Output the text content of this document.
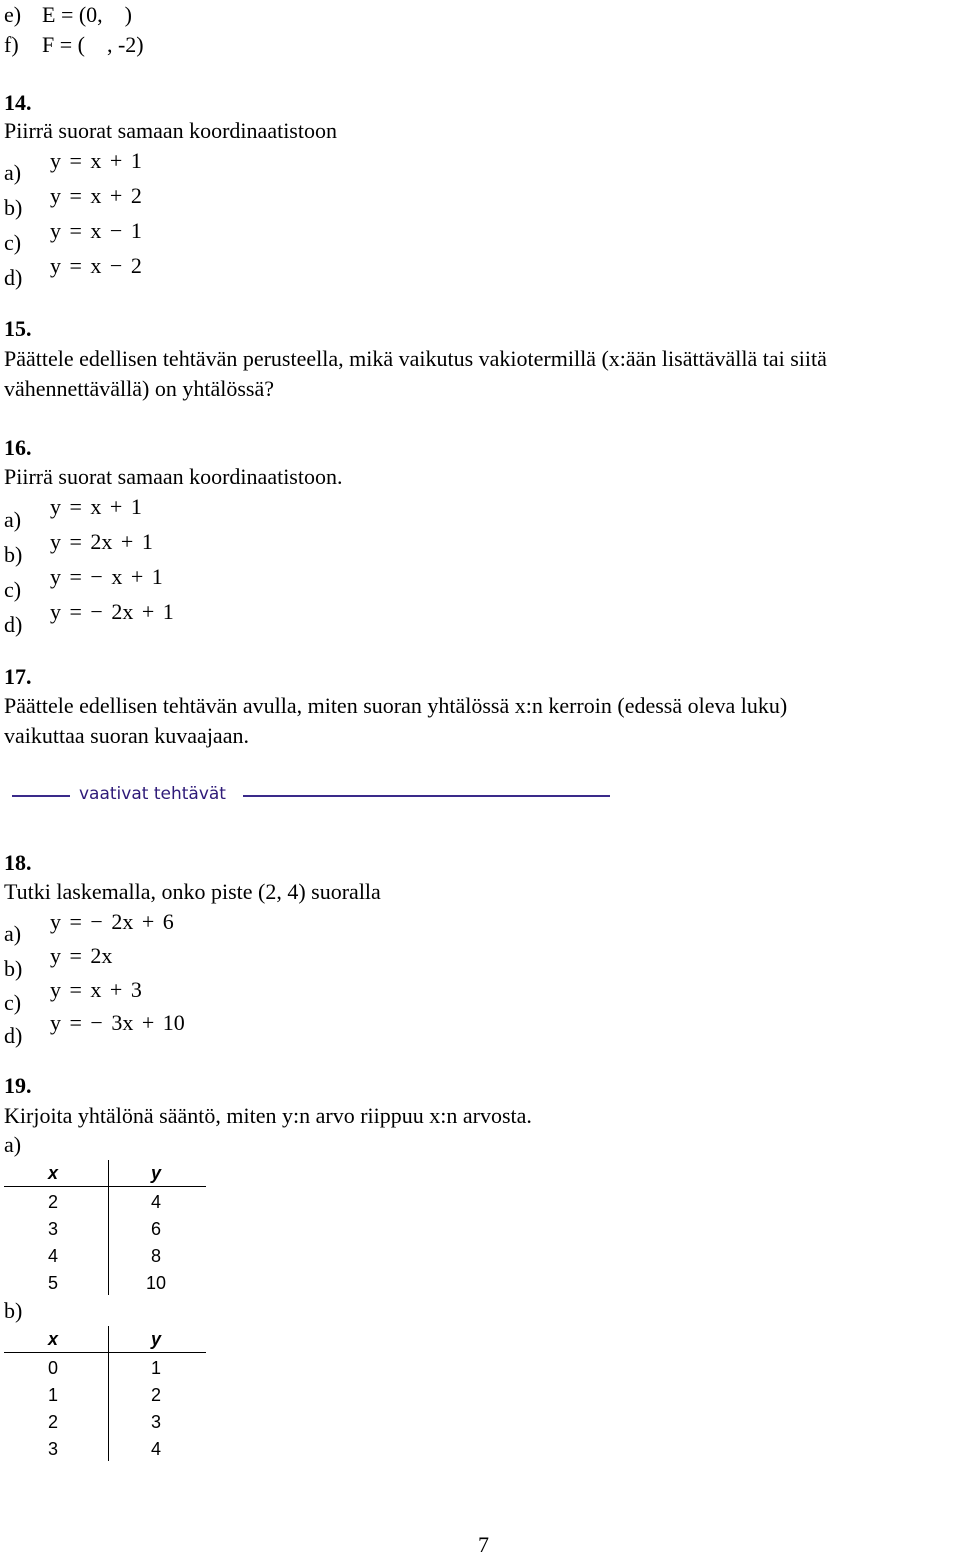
e) E = (0,    )
f) F = (    , -2)
14.
Piirrä suorat samaan koordinaatistoon
a) y = x + 1
b) y = x + 2
c) y = x − 1
d) y = x − 2
15.
Päättele edellisen tehtävän perusteella, mikä vaikutus vakiotermillä (x:ään lisättävällä tai siitä
vähennettävällä) on yhtälössä?
16.
Piirrä suorat samaan koordinaatistoon.
a)
y = x + 1
b)
y = 2x + 1
c)
y = − x + 1
d)
y = − 2x + 1
17.
Päättele edellisen tehtävän avulla, miten suoran yhtälössä x:n kerroin (edessä oleva luku)
vaikuttaa suoran kuvaajaan.
vaativat tehtävät
18.
Tutki laskemalla, onko piste (2, 4) suoralla
a) y = − 2x + 6
b)
y = 2x
c)
y = x + 3
d)
y = − 3x + 10
19.
Kirjoita yhtälönä sääntö, miten y:n arvo riippuu x:n arvosta.
a)
x	y
2	4
3	6
4	8
5	10
b)
x	y
0	1
1	2
2	3
3	4
7
